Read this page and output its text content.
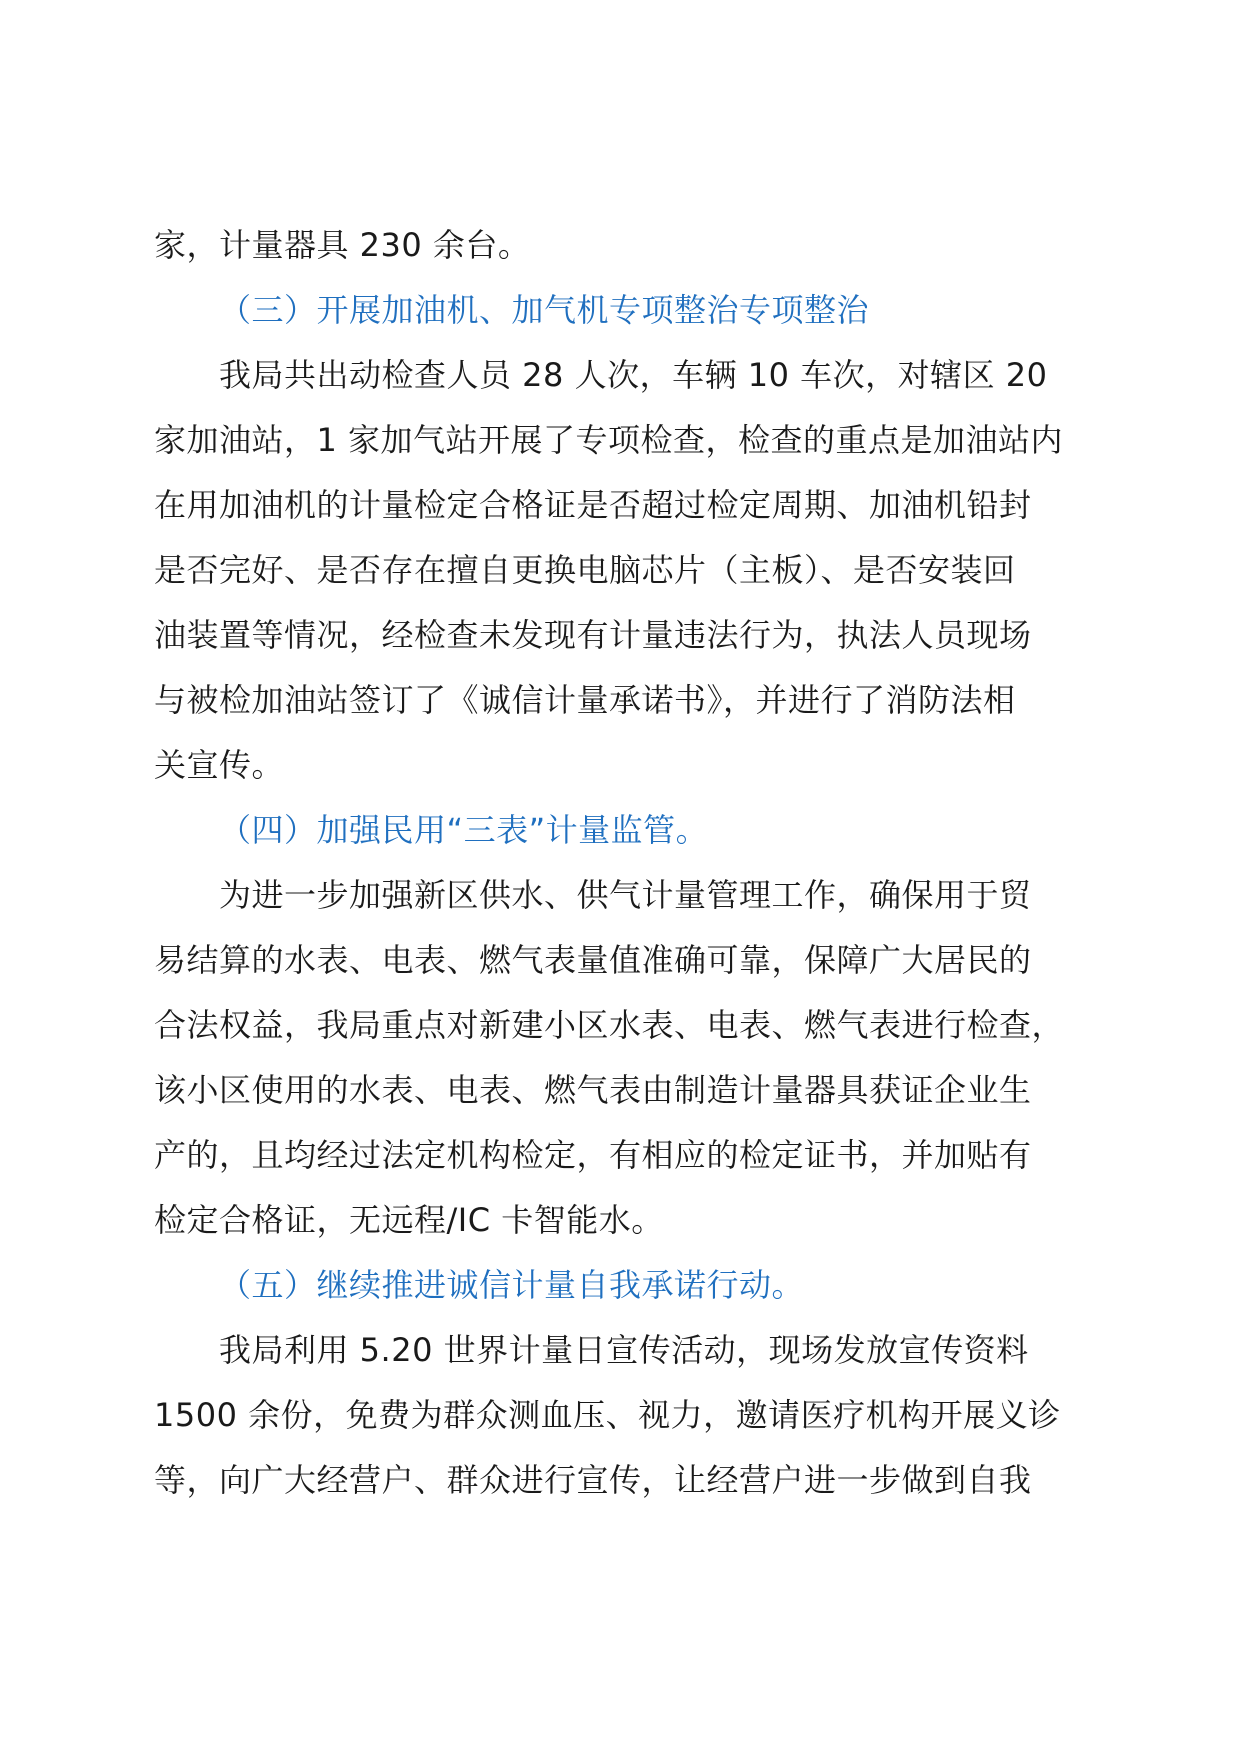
家，计量器具 230 余台。
（三）开展加油机、加气机专项整治专项整治
我局共出动检查人员 28 人次，车辆 10 车次，对辖区 20
家加油站，1 家加气站开展了专项检查，检查的重点是加油站内
在用加油机的计量检定合格证是否超过检定周期、加油机铅封
是否完好、是否存在擅自更换电脑芯片（主板）、是否安装回
油装置等情况，经检查未发现有计量违法行为，执法人员现场
与被检加油站签订了《诚信计量承诺书》，并进行了消防法相
关宣传。
（四）加强民用“三表”计量监管。
为进一步加强新区供水、供气计量管理工作，确保用于贸
易结算的水表、电表、燃气表量值准确可靠，保障广大居民的
合法权益，我局重点对新建小区水表、电表、燃气表进行检查，
该小区使用的水表、电表、燃气表由制造计量器具获证企业生
产的，且均经过法定机构检定，有相应的检定证书，并加贴有
检定合格证，无远程/IC 卡智能水。
（五）继续推进诚信计量自我承诺行动。
我局利用 5.20 世界计量日宣传活动，现场发放宣传资料
1500 余份，免费为群众测血压、视力，邀请医疗机构开展义诊
等，向广大经营户、群众进行宣传，让经营户进一步做到自我
